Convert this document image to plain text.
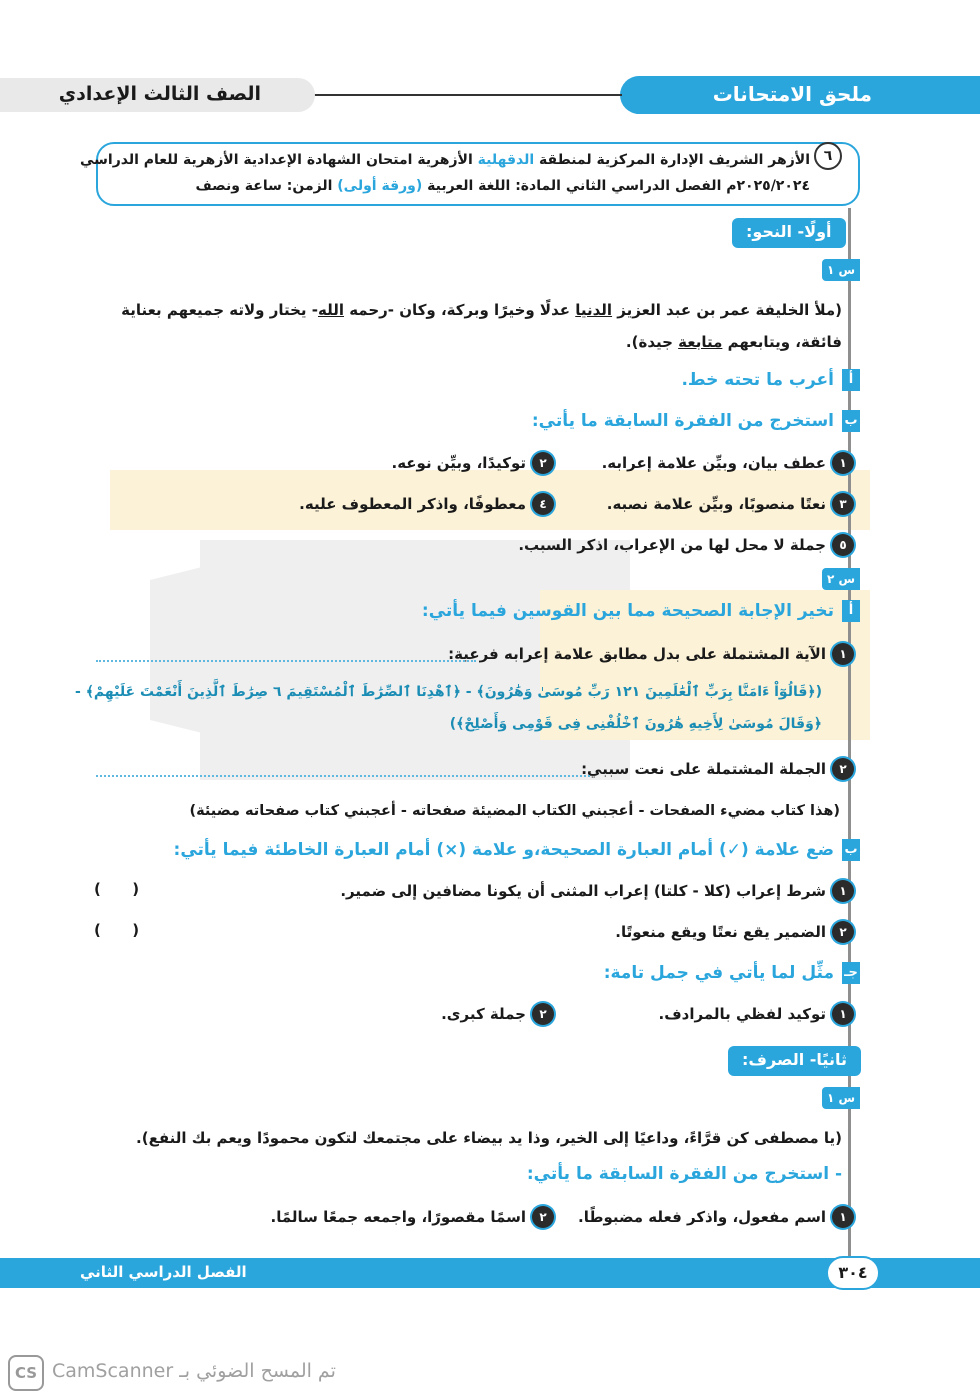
ملحق الامتحانات
الصف الثالث الإعدادي
٦
الأزهر الشريف الإدارة المركزية لمنطقة الدقهلية الأزهرية امتحان الشهادة الإعدادية الأزهرية للعام الدراسي
٢٠٢٥/٢٠٢٤م الفصل الدراسي الثاني المادة: اللغة العربية (ورقة أولى) الزمن: ساعة ونصف
أولًا- النحو:
س ١
(ملأ الخليفة عمر بن عبد العزيز الدنيا عدلًا وخيرًا وبركة، وكان -رحمه الله- يختار ولاته جميعهم بعناية
فائقة، ويتابعهم متابعة جيدة).
أ
أعرب ما تحته خط.
ب
استخرج من الفقرة السابقة ما يأتي:
١
عطف بيان، وبيِّن علامة إعرابه.
٢
توكيدًا، وبيِّن نوعه.
٣
نعتًا منصوبًا، وبيِّن علامة نصبه.
٤
معطوفًا، واذكر المعطوف عليه.
٥
جملة لا محل لها من الإعراب، اذكر السبب.
س ٢
أ
تخير الإجابة الصحيحة مما بين القوسين فيما يأتي:
١
الآية المشتملة على بدل مطابق علامة إعرابه فرعية:
(﴿قَالُوٓاْ ءَامَنَّا بِرَبِّ ٱلْعَٰلَمِينَ ١٢١ رَبِّ مُوسَىٰ وَهَٰرُونَ﴾ - ﴿ٱهْدِنَا ٱلصِّرَٰطَ ٱلْمُسْتَقِيمَ ٦ صِرَٰطَ ٱلَّذِينَ أَنْعَمْتَ عَلَيْهِمْ﴾ -
﴿وَقَالَ مُوسَىٰ لِأَخِيهِ هَٰرُونَ ٱخْلُفْنِى فِى قَوْمِى وَأَصْلِحْ﴾)
٢
الجملة المشتملة على نعت سببي:
(هذا كتاب مضيء الصفحات - أعجبني الكتاب المضيئة صفحاته - أعجبني كتاب صفحاته مضيئة)
ب
ضع علامة (✓) أمام العبارة الصحيحة،و علامة (×) أمام العبارة الخاطئة فيما يأتي:
١
شرط إعراب (كلا - كلتا) إعراب المثنى أن يكونا مضافين إلى ضمير.
(      )
٢
الضمير يقع نعتًا ويقع منعوتًا.
(      )
جـ
مثِّل لما يأتي في جمل تامة:
١
توكيد لفظي بالمرادف.
٢
جملة كبرى.
ثانيًا- الصرف:
س ١
(يا مصطفى كن قرَّاءً، وداعيًا إلى الخير، وذا يد بيضاء على مجتمعك لتكون محمودًا ويعم بك النفع).
- استخرج من الفقرة السابقة ما يأتي:
١
اسم مفعول، واذكر فعله مضبوطًا.
٢
اسمًا مقصورًا، واجمعه جمعًا سالمًا.
الفصل الدراسي الثاني	٣٠٤
CS تم المسح الضوئي بـ CamScanner
